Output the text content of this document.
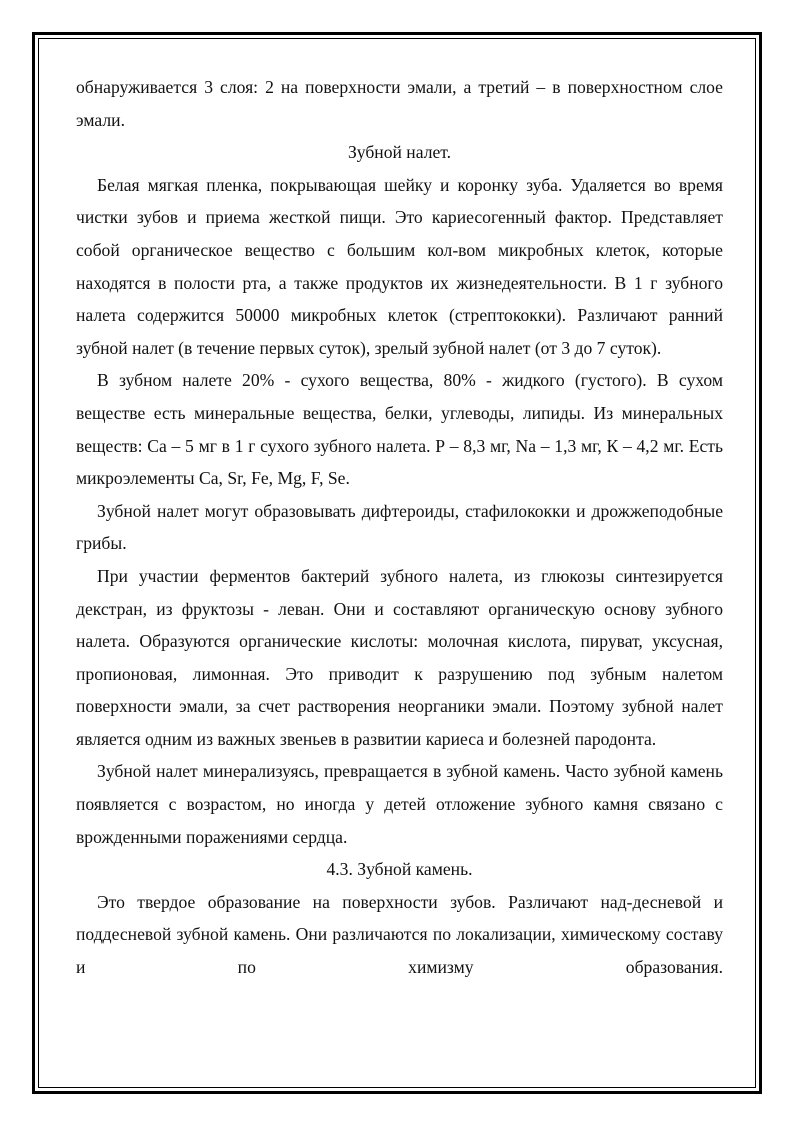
обнаруживается 3 слоя: 2 на поверхности эмали, а третий – в поверхностном слое эмали.

Зубной налет.

Белая мягкая пленка, покрывающая шейку и коронку зуба. Удаляется во время чистки зубов и приема жесткой пищи. Это кариесогенный фактор. Представляет собой органическое вещество с большим кол-вом микробных клеток, которые находятся в полости рта, а также продуктов их жизнедеятельности. В 1 г зубного налета содержится 50000 микробных клеток (стрептококки). Различают ранний зубной налет (в течение первых суток), зрелый зубной налет (от 3 до 7 суток).

В зубном налете 20% - сухого вещества, 80% - жидкого (густого). В сухом веществе есть минеральные вещества, белки, углеводы, липиды. Из минеральных веществ: Са – 5 мг в 1 г сухого зубного налета. Р – 8,3 мг, Na – 1,3 мг, К – 4,2 мг. Есть микроэлементы Ca, Sr, Fe, Mg, F, Se.

Зубной налет могут образовывать дифтероиды, стафилококки и дрожжеподобные грибы.

При участии ферментов бактерий зубного налета, из глюкозы синтезируется декстран, из фруктозы - леван. Они и составляют органическую основу зубного налета. Образуются органические кислоты: молочная кислота, пируват, уксусная, пропионовая, лимонная. Это приводит к разрушению под зубным налетом поверхности эмали, за счет растворения неорганики эмали. Поэтому зубной налет является одним из важных звеньев в развитии кариеса и болезней пародонта.

Зубной налет минерализуясь, превращается в зубной камень. Часто зубной камень появляется с возрастом, но иногда у детей отложение зубного камня связано с врожденными поражениями сердца.

4.3. Зубной камень.

Это твердое образование на поверхности зубов. Различают над-десневой и поддесневой зубной камень. Они различаются по локализации, химическому составу и по химизму образования.
